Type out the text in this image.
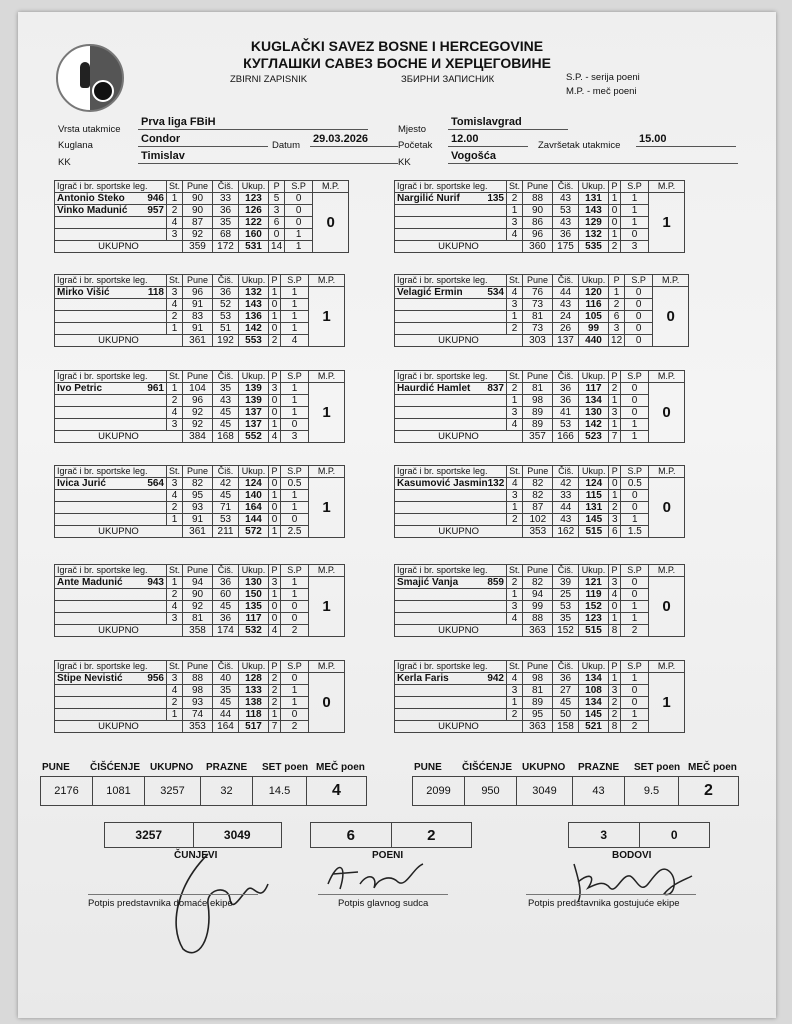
KUGLAČKI SAVEZ BOSNE I HERCEGOVINE
КУГЛАШКИ САВЕЗ БОСНЕ И ХЕРЦЕГОВИНЕ
ZBIRNI ZAPISNIK	ЗБИРНИ ЗАПИСНИК	S.P. - serija poeni
M.P. - meč poeni
Vrsta utakmice
Prva liga FBiH
Kuglana
Condor
Datum
29.03.2026
KK
Timislav
Mjesto
Tomislavgrad
Početak
12.00
Završetak utakmice
15.00
KK
Vogošća
Igrač i br. sportske leg.	St.	Pune	Čiš.	Ukup.	P	S.P	M.P.

Antonio Šteko 946	1	90	33	123	5	0	0

Vinko Madunić 957	2	90	36	126	3	0	
	4	87	35	122	6	0	
	3	92	68	160	0	1	
UKUPNO		359	172	531	14	1	
Igrač i br. sportske leg.	St.	Pune	Čiš.	Ukup.	P	S.P	M.P.

Nargilić Nurif 135	2	88	43	131	1	1	1
	1	90	53	143	0	1	
	3	86	43	129	0	1	
	4	96	36	132	1	0	
UKUPNO		360	175	535	2	3	
Igrač i br. sportske leg.	St.	Pune	Čiš.	Ukup.	P	S.P	M.P.

Mirko Višić 118	3	96	36	132	1	1	1
	4	91	52	143	0	1	
	2	83	53	136	1	1	
	1	91	51	142	0	1	
UKUPNO		361	192	553	2	4	
Igrač i br. sportske leg.	St.	Pune	Čiš.	Ukup.	P	S.P	M.P.

Velagić Ermin 534	4	76	44	120	1	0	0
	3	73	43	116	2	0	
	1	81	24	105	6	0	
	2	73	26	99	3	0	
UKUPNO		303	137	440	12	0	
Igrač i br. sportske leg.	St.	Pune	Čiš.	Ukup.	P	S.P	M.P.

Ivo Petric 961	1	104	35	139	3	1	1
	2	96	43	139	0	1	
	4	92	45	137	0	1	
	3	92	45	137	1	0	
UKUPNO		384	168	552	4	3	
Igrač i br. sportske leg.	St.	Pune	Čiš.	Ukup.	P	S.P	M.P.

Haurdić Hamlet 837	2	81	36	117	2	0	0
	1	98	36	134	1	0	
	3	89	41	130	3	0	
	4	89	53	142	1	1	
UKUPNO		357	166	523	7	1	
Igrač i br. sportske leg.	St.	Pune	Čiš.	Ukup.	P	S.P	M.P.

Ivica Jurić 564	3	82	42	124	0	0.5	1
	4	95	45	140	1	1	
	2	93	71	164	0	1	
	1	91	53	144	0	0	
UKUPNO		361	211	572	1	2.5	
Igrač i br. sportske leg.	St.	Pune	Čiš.	Ukup.	P	S.P	M.P.

Kasumović Jasmin 132	4	82	42	124	0	0.5	0
	3	82	33	115	1	0	
	1	87	44	131	2	0	
	2	102	43	145	3	1	
UKUPNO		353	162	515	6	1.5	
Igrač i br. sportske leg.	St.	Pune	Čiš.	Ukup.	P	S.P	M.P.

Ante Madunić 943	1	94	36	130	3	1	1
	2	90	60	150	1	1	
	4	92	45	135	0	0	
	3	81	36	117	0	0	
UKUPNO		358	174	532	4	2	
Igrač i br. sportske leg.	St.	Pune	Čiš.	Ukup.	P	S.P	M.P.

Smajić Vanja 859	2	82	39	121	3	0	0
	1	94	25	119	4	0	
	3	99	53	152	0	1	
	4	88	35	123	1	1	
UKUPNO		363	152	515	8	2	
Igrač i br. sportske leg.	St.	Pune	Čiš.	Ukup.	P	S.P	M.P.

Stipe Nevistić 956	3	88	40	128	2	0	0
	4	98	35	133	2	1	
	2	93	45	138	2	1	
	1	74	44	118	1	0	
UKUPNO		353	164	517	7	2	
Igrač i br. sportske leg.	St.	Pune	Čiš.	Ukup.	P	S.P	M.P.

Kerla Faris 942	4	98	36	134	1	1	1
	3	81	27	108	3	0	
	1	89	45	134	2	0	
	2	95	50	145	2	1	
UKUPNO		363	158	521	8	2	
PUNE ČIŠĆENJE UKUPNO PRAZNE SET poen MEČ poen
2176	1081	3257	32	14.5	4
PUNE ČIŠĆENJE UKUPNO PRAZNE SET poen MEČ poen
2099	950	3049	43	9.5	2
3257	3049
ČUNJEVI
6	2
POENI
3	0
BODOVI
Potpis predstavnika domaće ekipe	Potpis glavnog sudca	Potpis predstavnika gostujuće ekipe
